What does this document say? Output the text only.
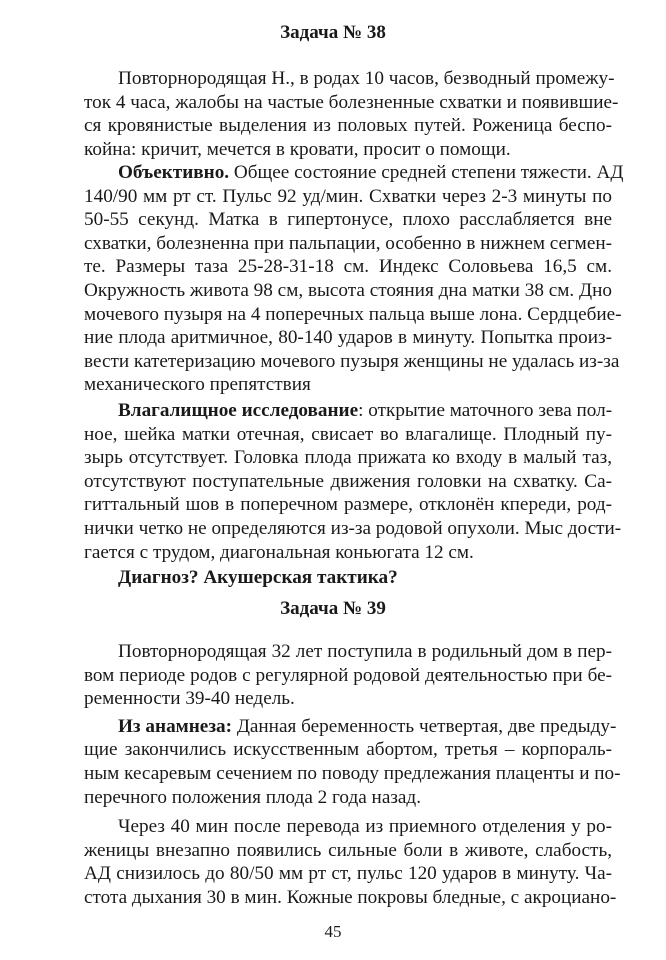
Задача № 38
Повторнородящая Н., в родах 10 часов, безводный промежу-
ток 4 часа, жалобы на частые болезненные схватки и появившие-
ся кровянистые выделения из половых путей. Роженица беспо-
койна: кричит, мечется в кровати, просит о помощи.
Объективно. Общее состояние средней степени тяжести. АД
140/90 мм рт ст. Пульс 92 уд/мин. Схватки через 2-3 минуты по
50-55 секунд. Матка в гипертонусе, плохо расслабляется вне
схватки, болезненна при пальпации, особенно в нижнем сегмен-
те. Размеры таза 25-28-31-18 см. Индекс Соловьева 16,5 см.
Окружность живота 98 см, высота стояния дна матки 38 см. Дно
мочевого пузыря на 4 поперечных пальца выше лона. Сердцебие-
ние плода аритмичное, 80-140 ударов в минуту. Попытка произ-
вести катетеризацию мочевого пузыря женщины не удалась из-за
механического препятствия
Влагалищное исследование: открытие маточного зева пол-
ное, шейка матки отечная, свисает во влагалище. Плодный пу-
зырь отсутствует. Головка плода прижата ко входу в малый таз,
отсутствуют поступательные движения головки на схватку. Са-
гиттальный шов в поперечном размере, отклонён кпереди, род-
нички четко не определяются из-за родовой опухоли. Мыс дости-
гается с трудом, диагональная коньюгата 12 см.
Диагноз? Акушерская тактика?
Задача № 39
Повторнородящая 32 лет поступила в родильный дом в пер-
вом периоде родов с регулярной родовой деятельностью при бе-
ременности 39-40 недель.
Из анамнеза: Данная беременность четвертая, две предыду-
щие закончились искусственным абортом, третья – корпораль-
ным кесаревым сечением по поводу предлежания плаценты и по-
перечного положения плода 2 года назад.
Через 40 мин после перевода из приемного отделения у ро-
женицы внезапно появились сильные боли в животе, слабость,
АД снизилось до 80/50 мм рт ст, пульс 120 ударов в минуту. Ча-
стота дыхания 30 в мин. Кожные покровы бледные, с акроциано-
45
